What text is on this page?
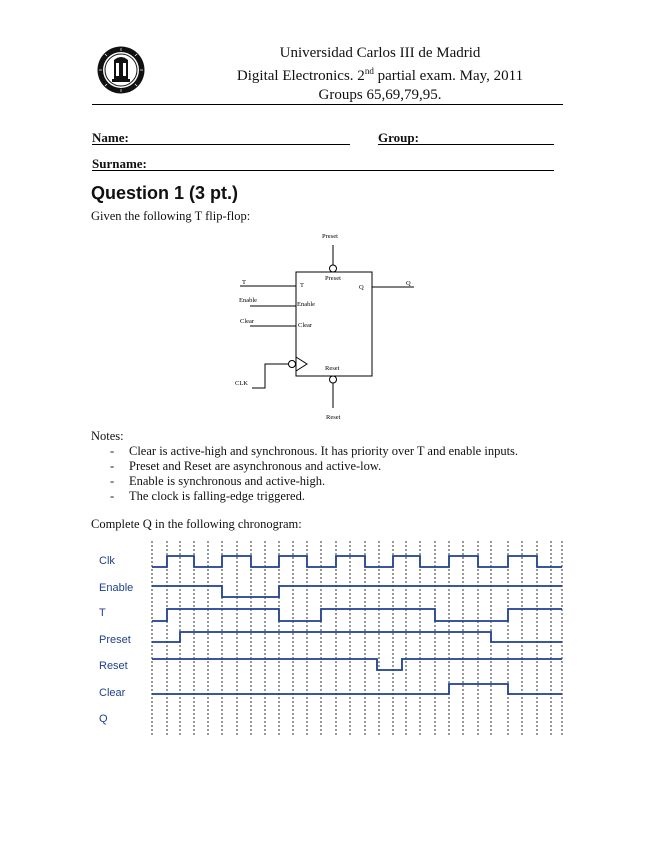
Universidad Carlos III de Madrid
Digital Electronics. 2nd partial exam. May, 2011
Groups 65,69,79,95.
Name:	Group:
Surname:
Question 1 (3 pt.)
Given the following T flip-flop:
Preset
Preset
T	T
Enable
Enable
Clear
Clear
Q
Q
Reset
Reset
CLK
Notes:
- Clear is active-high and synchronous. It has priority over T and enable inputs.
- Preset and Reset are asynchronous and active-low.
- Enable is synchronous and active-high.
- The clock is falling-edge triggered.
Complete Q in the following chronogram:
Clk
Enable
T
Preset
Reset
Clear
Q
